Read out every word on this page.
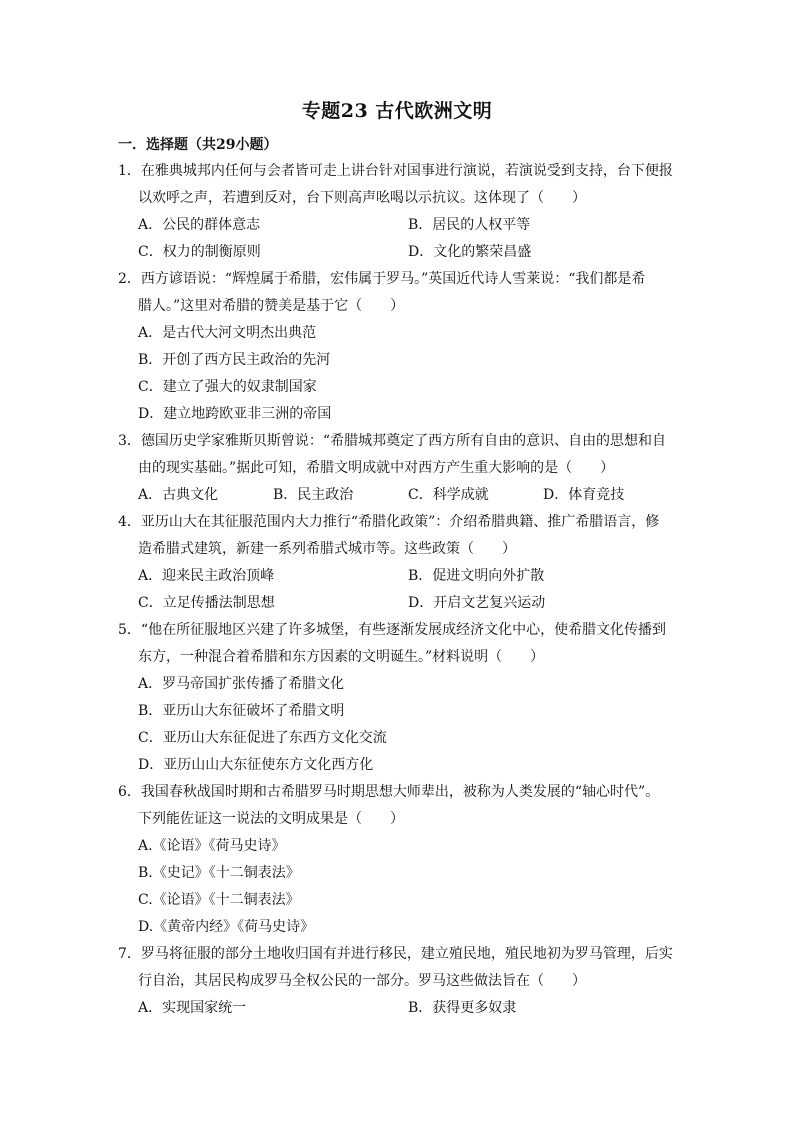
专题23 古代欧洲文明
一．选择题（共29小题）
1．在雅典城邦内任何与会者皆可走上讲台针对国事进行演说，若演说受到支持，台下便报
以欢呼之声，若遭到反对，台下则高声吆喝以示抗议。这体现了（　　）
A．公民的群体意志	B．居民的人权平等
C．权力的制衡原则	D．文化的繁荣昌盛
2．西方谚语说：“辉煌属于希腊，宏伟属于罗马。”英国近代诗人雪莱说：“我们都是希
腊人。”这里对希腊的赞美是基于它（　　）
A．是古代大河文明杰出典范
B．开创了西方民主政治的先河
C．建立了强大的奴隶制国家
D．建立地跨欧亚非三洲的帝国
3．德国历史学家雅斯贝斯曾说：“希腊城邦奠定了西方所有自由的意识、自由的思想和自
由的现实基础。”据此可知，希腊文明成就中对西方产生重大影响的是（　　）
A．古典文化	B．民主政治	C．科学成就	D．体育竞技
4．亚历山大在其征服范围内大力推行“希腊化政策”：介绍希腊典籍、推广希腊语言，修
造希腊式建筑，新建一系列希腊式城市等。这些政策（　　）
A．迎来民主政治顶峰	B．促进文明向外扩散
C．立足传播法制思想	D．开启文艺复兴运动
5．“他在所征服地区兴建了许多城堡，有些逐渐发展成经济文化中心，使希腊文化传播到
东方，一种混合着希腊和东方因素的文明诞生。”材料说明（　　）
A．罗马帝国扩张传播了希腊文化
B．亚历山大东征破坏了希腊文明
C．亚历山大东征促进了东西方文化交流
D．亚历山山大东征使东方文化西方化
6．我国春秋战国时期和古希腊罗马时期思想大师辈出，被称为人类发展的“轴心时代”。
下列能佐证这一说法的文明成果是（　　）
A.《论语》《荷马史诗》
B.《史记》《十二铜表法》
C.《论语》《十二铜表法》
D.《黄帝内经》《荷马史诗》
7．罗马将征服的部分土地收归国有并进行移民，建立殖民地，殖民地初为罗马管理，后实
行自治，其居民构成罗马全权公民的一部分。罗马这些做法旨在（　　）
A．实现国家统一	B．获得更多奴隶
